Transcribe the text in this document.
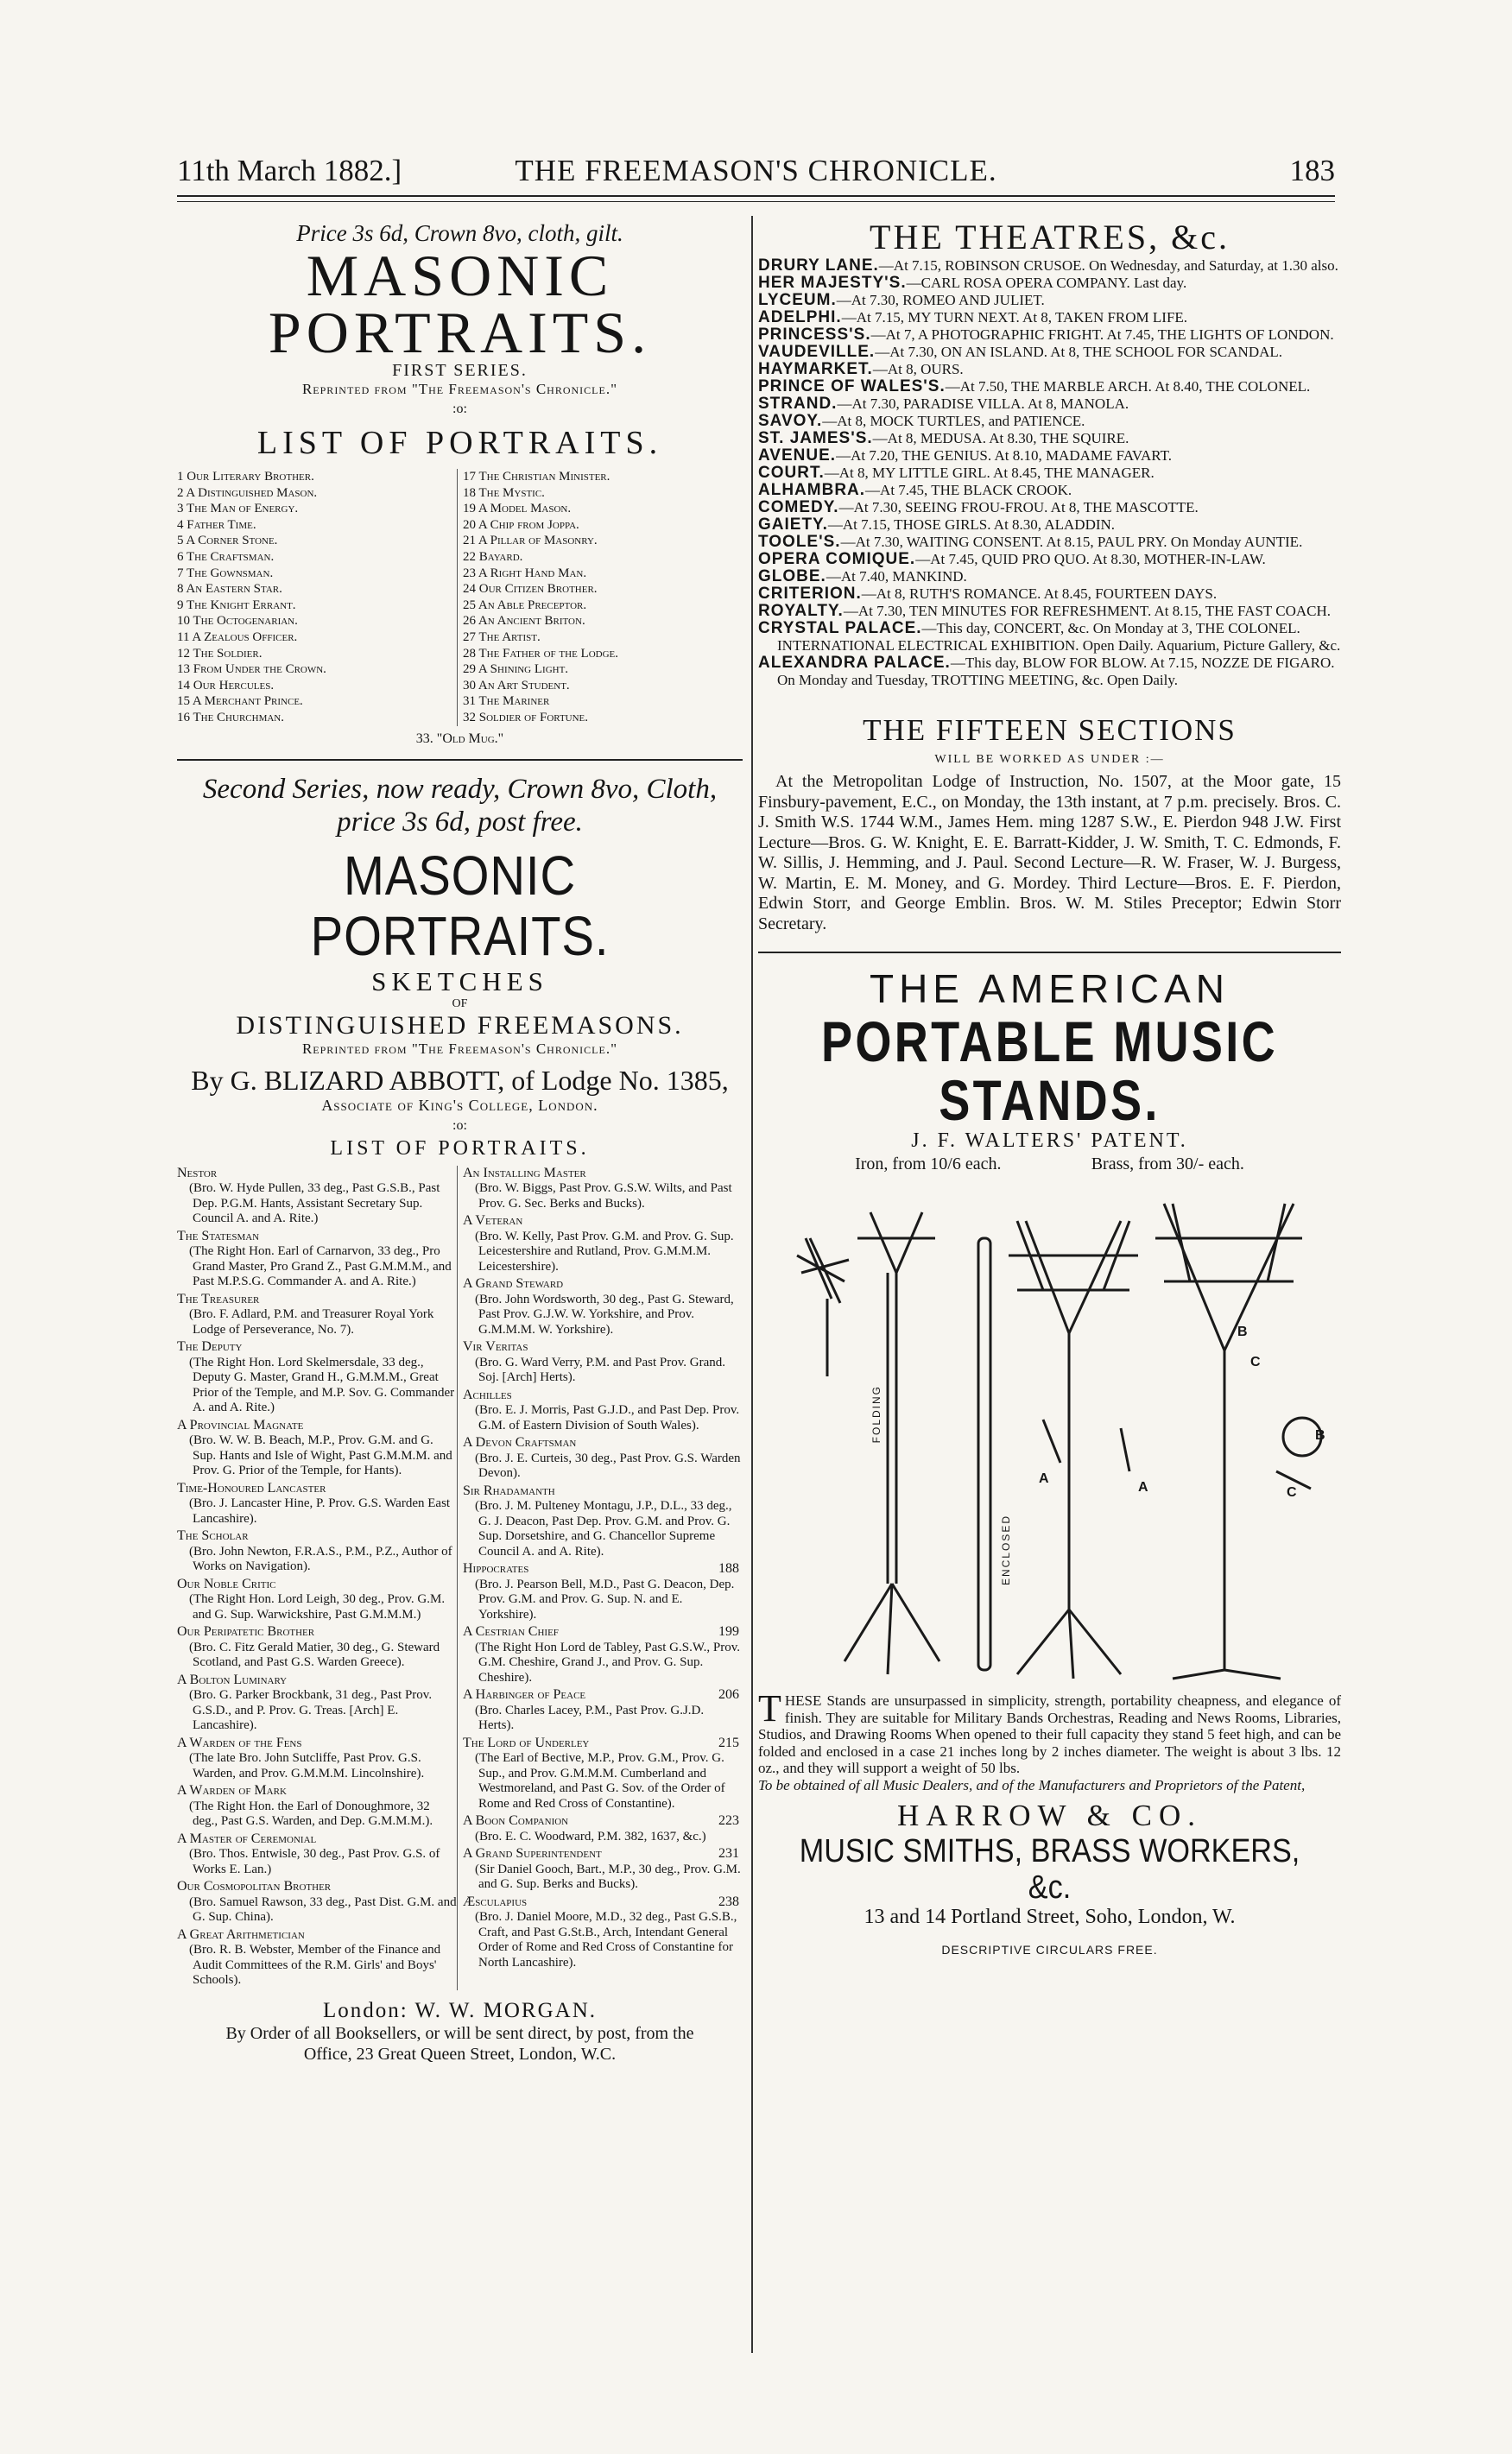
11th March 1882.]	THE FREEMASON'S CHRONICLE.	183
Price 3s 6d, Crown 8vo, cloth, gilt.
MASONIC PORTRAITS.
FIRST SERIES.
Reprinted from "The Freemason's Chronicle."
:o:
LIST OF PORTRAITS.
1 Our Literary Brother.
2 A Distinguished Mason.
3 The Man of Energy.
4 Father Time.
5 A Corner Stone.
6 The Craftsman.
7 The Gownsman.
8 An Eastern Star.
9 The Knight Errant.
10 The Octogenarian.
11 A Zealous Officer.
12 The Soldier.
13 From Under the Crown.
14 Our Hercules.
15 A Merchant Prince.
16 The Churchman.
17 The Christian Minister.
18 The Mystic.
19 A Model Mason.
20 A Chip from Joppa.
21 A Pillar of Masonry.
22 Bayard.
23 A Right Hand Man.
24 Our Citizen Brother.
25 An Able Preceptor.
26 An Ancient Briton.
27 The Artist.
28 The Father of the Lodge.
29 A Shining Light.
30 An Art Student.
31 The Mariner
32 Soldier of Fortune.
33. "Old Mug."
Second Series, now ready, Crown 8vo, Cloth,
price 3s 6d, post free.
MASONIC PORTRAITS.
SKETCHES
OF
DISTINGUISHED FREEMASONS.
Reprinted from "The Freemason's Chronicle."
By G. BLIZARD ABBOTT, of Lodge No. 1385,
Associate of King's College, London.
:o:
LIST OF PORTRAITS.
Nestor
(Bro. W. Hyde Pullen, 33 deg., Past G.S.B., Past Dep. P.G.M. Hants, Assistant Secretary Sup. Council A. and A. Rite.)
The Statesman
(The Right Hon. Earl of Carnarvon, 33 deg., Pro Grand Master, Pro Grand Z., Past G.M.M.M., and Past M.P.S.G. Commander A. and A. Rite.)
The Treasurer
(Bro. F. Adlard, P.M. and Treasurer Royal York Lodge of Perseverance, No. 7).
The Deputy
(The Right Hon. Lord Skelmersdale, 33 deg., Deputy G. Master, Grand H., G.M.M.M., Great Prior of the Temple, and M.P. Sov. G. Commander A. and A. Rite.)
A Provincial Magnate
(Bro. W. W. B. Beach, M.P., Prov. G.M. and G. Sup. Hants and Isle of Wight, Past G.M.M.M. and Prov. G. Prior of the Temple, for Hants).
Time-Honoured Lancaster
(Bro. J. Lancaster Hine, P. Prov. G.S. Warden East Lancashire).
The Scholar
(Bro. John Newton, F.R.A.S., P.M., P.Z., Author of Works on Navigation).
Our Noble Critic
(The Right Hon. Lord Leigh, 30 deg., Prov. G.M. and G. Sup. Warwickshire, Past G.M.M.M.)
Our Peripatetic Brother
(Bro. C. Fitz Gerald Matier, 30 deg., G. Steward Scotland, and Past G.S. Warden Greece).
A Bolton Luminary
(Bro. G. Parker Brockbank, 31 deg., Past Prov. G.S.D., and P. Prov. G. Treas. [Arch] E. Lancashire).
A Warden of the Fens
(The late Bro. John Sutcliffe, Past Prov. G.S. Warden, and Prov. G.M.M.M. Lincolnshire).
A Warden of Mark
(The Right Hon. the Earl of Donoughmore, 32 deg., Past G.S. Warden, and Dep. G.M.M.M.).
A Master of Ceremonial
(Bro. Thos. Entwisle, 30 deg., Past Prov. G.S. of Works E. Lan.)
Our Cosmopolitan Brother
(Bro. Samuel Rawson, 33 deg., Past Dist. G.M. and G. Sup. China).
A Great Arithmetician
(Bro. R. B. Webster, Member of the Finance and Audit Committees of the R.M. Girls' and Boys' Schools).
An Installing Master
(Bro. W. Biggs, Past Prov. G.S.W. Wilts, and Past Prov. G. Sec. Berks and Bucks).
A Veteran
(Bro. W. Kelly, Past Prov. G.M. and Prov. G. Sup. Leicestershire and Rutland, Prov. G.M.M.M. Leicestershire).
A Grand Steward
(Bro. John Wordsworth, 30 deg., Past G. Steward, Past Prov. G.J.W. W. Yorkshire, and Prov. G.M.M.M. W. Yorkshire).
Vir Veritas
(Bro. G. Ward Verry, P.M. and Past Prov. Grand. Soj. [Arch] Herts).
Achilles
(Bro. E. J. Morris, Past G.J.D., and Past Dep. Prov. G.M. of Eastern Division of South Wales).
A Devon Craftsman
(Bro. J. E. Curteis, 30 deg., Past Prov. G.S. Warden Devon).
Sir Rhadamanth
(Bro. J. M. Pulteney Montagu, J.P., D.L., 33 deg., G. J. Deacon, Past Dep. Prov. G.M. and Prov. G. Sup. Dorsetshire, and G. Chancellor Supreme Council A. and A. Rite).
Hippocrates	188
(Bro. J. Pearson Bell, M.D., Past G. Deacon, Dep. Prov. G.M. and Prov. G. Sup. N. and E. Yorkshire).
A Cestrian Chief	199
(The Right Hon Lord de Tabley, Past G.S.W., Prov. G.M. Cheshire, Grand J., and Prov. G. Sup. Cheshire).
A Harbinger of Peace	206
(Bro. Charles Lacey, P.M., Past Prov. G.J.D. Herts).
The Lord of Underley	215
(The Earl of Bective, M.P., Prov. G.M., Prov. G. Sup., and Prov. G.M.M.M. Cumberland and Westmoreland, and Past G. Sov. of the Order of Rome and Red Cross of Constantine).
A Boon Companion	223
(Bro. E. C. Woodward, P.M. 382, 1637, &c.)
A Grand Superintendent	231
(Sir Daniel Gooch, Bart., M.P., 30 deg., Prov. G.M. and G. Sup. Berks and Bucks).
Æsculapius	238
(Bro. J. Daniel Moore, M.D., 32 deg., Past G.S.B., Craft, and Past G.St.B., Arch, Intendant General Order of Rome and Red Cross of Constantine for North Lancashire).
London: W. W. MORGAN.
By Order of all Booksellers, or will be sent direct, by post, from the
Office, 23 Great Queen Street, London, W.C.
THE THEATRES, &c.

DRURY LANE.—At 7.15, ROBINSON CRUSOE. On Wednesday, and Saturday, at 1.30 also.

HER MAJESTY'S.—CARL ROSA OPERA COMPANY. Last day.

LYCEUM.—At 7.30, ROMEO AND JULIET.

ADELPHI.—At 7.15, MY TURN NEXT. At 8, TAKEN FROM LIFE.

PRINCESS'S.—At 7, A PHOTOGRAPHIC FRIGHT. At 7.45, THE LIGHTS OF LONDON.

VAUDEVILLE.—At 7.30, ON AN ISLAND. At 8, THE SCHOOL FOR SCANDAL.

HAYMARKET.—At 8, OURS.

PRINCE OF WALES'S.—At 7.50, THE MARBLE ARCH. At 8.40, THE COLONEL.

STRAND.—At 7.30, PARADISE VILLA. At 8, MANOLA.

SAVOY.—At 8, MOCK TURTLES, and PATIENCE.

ST. JAMES'S.—At 8, MEDUSA. At 8.30, THE SQUIRE.

AVENUE.—At 7.20, THE GENIUS. At 8.10, MADAME FAVART.

COURT.—At 8, MY LITTLE GIRL. At 8.45, THE MANAGER.

ALHAMBRA.—At 7.45, THE BLACK CROOK.

COMEDY.—At 7.30, SEEING FROU-FROU. At 8, THE MASCOTTE.

GAIETY.—At 7.15, THOSE GIRLS. At 8.30, ALADDIN.

TOOLE'S.—At 7.30, WAITING CONSENT. At 8.15, PAUL PRY. On Monday AUNTIE.

OPERA COMIQUE.—At 7.45, QUID PRO QUO. At 8.30, MOTHER-IN-LAW.

GLOBE.—At 7.40, MANKIND.

CRITERION.—At 8, RUTH'S ROMANCE. At 8.45, FOURTEEN DAYS.

ROYALTY.—At 7.30, TEN MINUTES FOR REFRESHMENT. At 8.15, THE FAST COACH.

CRYSTAL PALACE.—This day, CONCERT, &c. On Monday at 3, THE COLONEL. INTERNATIONAL ELECTRICAL EXHIBITION. Open Daily. Aquarium, Picture Gallery, &c.

ALEXANDRA PALACE.—This day, BLOW FOR BLOW. At 7.15, NOZZE DE FIGARO. On Monday and Tuesday, TROTTING MEETING, &c. Open Daily.

THE FIFTEEN SECTIONS
WILL BE WORKED AS UNDER :—
At the Metropolitan Lodge of Instruction, No. 1507, at the Moor gate, 15 Finsbury-pavement, E.C., on Monday, the 13th instant, at 7 p.m. precisely. Bros. C. J. Smith W.S. 1744 W.M., James Hem. ming 1287 S.W., E. Pierdon 948 J.W. First Lecture—Bros. G. W. Knight, E. E. Barratt-Kidder, J. W. Smith, T. C. Edmonds, F. W. Sillis, J. Hemming, and J. Paul. Second Lecture—R. W. Fraser, W. J. Burgess, W. Martin, E. M. Money, and G. Mordey. Third Lecture—Bros. E. F. Pierdon, Edwin Storr, and George Emblin. Bros. W. M. Stiles Preceptor; Edwin Storr Secretary.
THE AMERICAN
PORTABLE MUSIC STANDS.
J. F. WALTERS' PATENT.
Iron, from 10/6 each.	Brass, from 30/- each.
FOLDING
ENCLOSED
A
A
B
B
C
C
THESE Stands are unsurpassed in simplicity, strength, portability cheapness, and elegance of finish. They are suitable for Military Bands Orchestras, Reading and News Rooms, Libraries, Studios, and Drawing Rooms When opened to their full capacity they stand 5 feet high, and can be folded and enclosed in a case 21 inches long by 2 inches diameter. The weight is about 3 lbs. 12 oz., and they will support a weight of 50 lbs.
To be obtained of all Music Dealers, and of the Manufacturers and Proprietors of the Patent,
HARROW & CO.
MUSIC SMITHS, BRASS WORKERS, &c.
13 and 14 Portland Street, Soho, London, W.
DESCRIPTIVE CIRCULARS FREE.
